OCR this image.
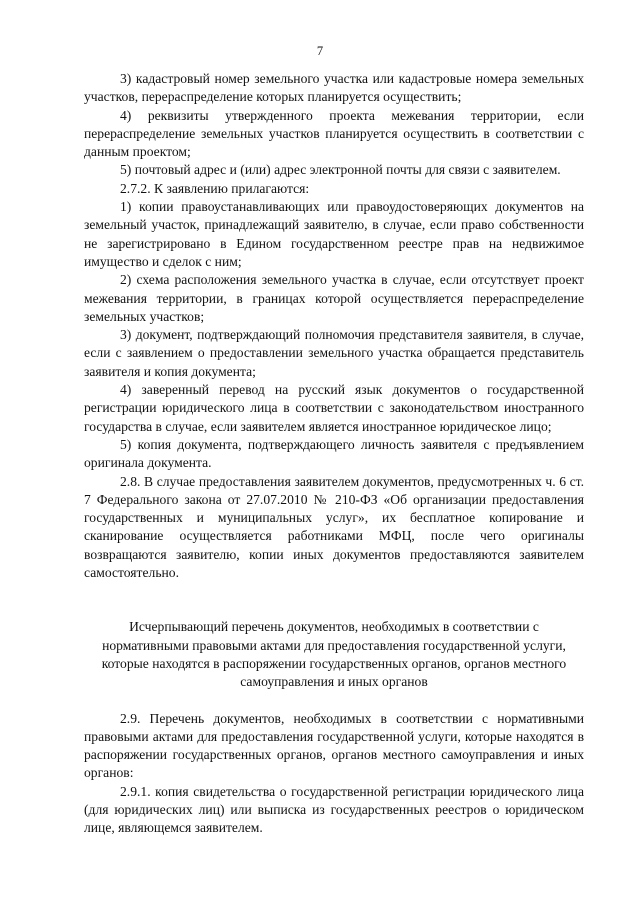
7

3) кадастровый номер земельного участка или кадастровые номера земельных участков, перераспределение которых планируется осуществить;

4) реквизиты утвержденного проекта межевания территории, если перераспределение земельных участков планируется осуществить в соответствии с данным проектом;

5) почтовый адрес и (или) адрес электронной почты для связи с заявителем.

2.7.2. К заявлению прилагаются:

1) копии правоустанавливающих или правоудостоверяющих документов на земельный участок, принадлежащий заявителю, в случае, если право собственности не зарегистрировано в Едином государственном реестре прав на недвижимое имущество и сделок с ним;

2) схема расположения земельного участка в случае, если отсутствует проект межевания территории, в границах которой осуществляется перераспределение земельных участков;

3) документ, подтверждающий полномочия представителя заявителя, в случае, если с заявлением о предоставлении земельного участка обращается представитель заявителя и копия документа;

4) заверенный перевод на русский язык документов о государственной регистрации юридического лица в соответствии с законодательством иностранного государства в случае, если заявителем является иностранное юридическое лицо;

5) копия документа, подтверждающего личность заявителя с предъявлением оригинала документа.

2.8. В случае предоставления заявителем документов, предусмотренных ч. 6 ст. 7 Федерального закона от 27.07.2010 № 210-ФЗ «Об организации предоставления государственных и муниципальных услуг», их бесплатное копирование и сканирование осуществляется работниками МФЦ, после чего оригиналы возвращаются заявителю, копии иных документов предоставляются заявителем самостоятельно.

Исчерпывающий перечень документов, необходимых в соответствии с нормативными правовыми актами для предоставления государственной услуги, которые находятся в распоряжении государственных органов, органов местного самоуправления и иных органов

2.9. Перечень документов, необходимых в соответствии с нормативными правовыми актами для предоставления государственной услуги, которые находятся в распоряжении государственных органов, органов местного самоуправления и иных органов:

2.9.1. копия свидетельства о государственной регистрации юридического лица (для юридических лиц) или выписка из государственных реестров о юридическом лице, являющемся заявителем.
